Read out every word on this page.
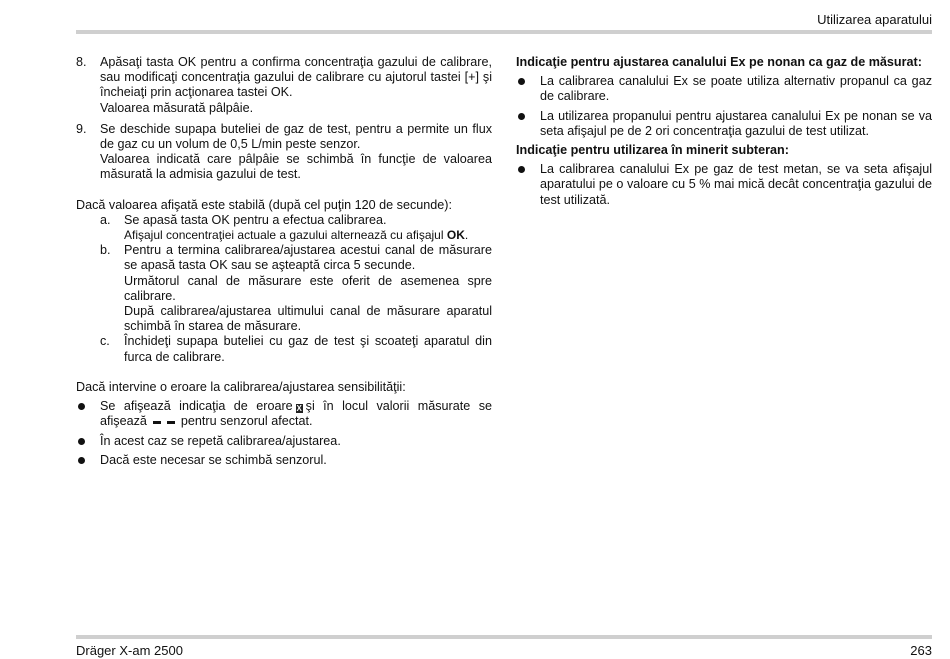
Utilizarea aparatului
8. Apăsaţi tasta OK pentru a confirma concentraţia gazului de calibrare, sau modificaţi concentraţia gazului de calibrare cu ajutorul tastei [+] şi încheiaţi prin acţionarea tastei OK.

Valoarea măsurată pâlpâie.

9. Se deschide supapa buteliei de gaz de test, pentru a permite un flux de gaz cu un volum de 0,5 L/min peste senzor.

Valoarea indicată care pâlpâie se schimbă în funcţie de valoarea măsurată la admisia gazului de test.

Dacă valoarea afişată este stabilă (după cel puţin 120 de secunde):

a. Se apasă tasta OK pentru a efectua calibrarea.

Afişajul concentraţiei actuale a gazului alternează cu afişajul OK.

b. Pentru a termina calibrarea/ajustarea acestui canal de măsurare se apasă tasta OK sau se aşteaptă circa 5 secunde.

Următorul canal de măsurare este oferit de asemenea spre calibrare.

După calibrarea/ajustarea ultimului canal de măsurare aparatul schimbă în starea de măsurare.

c. Închideţi supapa buteliei cu gaz de test şi scoateţi aparatul din furca de calibrare.

Dacă intervine o eroare la calibrarea/ajustarea sensibilităţii:

Se afişează indicaţia de eroare X şi în locul valorii măsurate se afişează	pentru senzorul afectat.

În acest caz se repetă calibrarea/ajustarea.

Dacă este necesar se schimbă senzorul.

Indicaţie pentru ajustarea canalului Ex pe nonan ca gaz de măsurat:

La calibrarea canalului Ex se poate utiliza alternativ propanul ca gaz de calibrare.

La utilizarea propanului pentru ajustarea canalului Ex pe nonan se va seta afişajul pe de 2 ori concentraţia gazului de test utilizat.

Indicaţie pentru utilizarea în minerit subteran:

La calibrarea canalului Ex pe gaz de test metan, se va seta afişajul aparatului pe o valoare cu 5 % mai mică decât concentraţia gazului de test utilizată.

Dräger X-am 2500	263
